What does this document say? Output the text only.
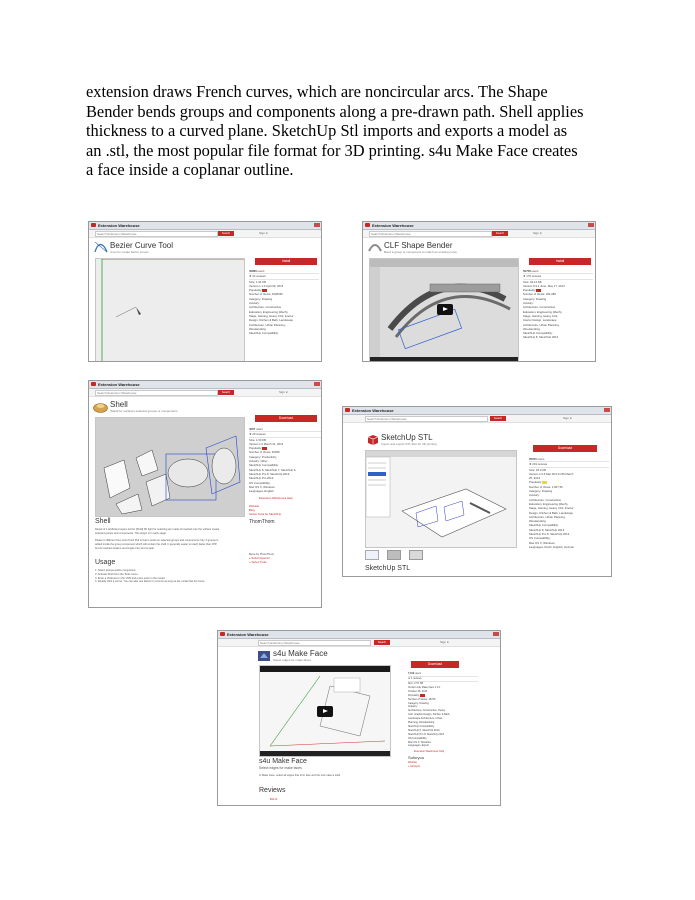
extension draws French curves, which are noncircular arcs. The Shape
Bender bends groups and components along a pre-drawn path. Shell applies
thickness to a curved plane. SketchUp Stl imports and exports a model as
an .stl, the most popular file format for 3D printing. s4u Make Face creates
a face inside a coplanar outline.

Extension Warehouse
Search Extension Warehouse	Search	Sign in
Bezier Curve Tool
A tool to create bézier curves
Install
40866 users
★ 44 reviews
Size: 1.91 KB
Version 1.1.0 April 09, 2013
Popularity
Number of Views: 1028435
Category: Drawing
Industry:
Architecture, Construction,
Education, Engineering (Mech),
Stage, Gaming, Heavy Civil, Interior
Design, Kitchen & Bath, Landscape
Architecture, Urban Planning,
Woodworking
SketchUp Compatibility:
Extension Warehouse
Search Extension Warehouse	Search	Sign in
CLF Shape Bender
Bend a group or component to match an existing curve
Install
50758 users
★ 176 reviews
Size: 94.14 KB
Version 0.9.1 June, May 17, 2013
Popularity
Number of Views: 181,080
Category: Drawing
Industry:
Architecture, Construction,
Education, Engineering (Mech),
Stage, Gaming, Heavy Civil,
Interior Design, Landscape
Architecture, Urban Planning,
Woodworking
SketchUp Compatibility:
SketchUp 8, SketchUp 2013
Extension Warehouse
Search Extension Warehouse	Search	Sign in
Shell
[Shell] for surfaces selected groups or components
Download
4067 users
★ 29 reviews
Size: 1.50 KB
Version 1.0 March 21, 2013
Popularity
Number of Views: 40356
Category: Productivity
Industry: Other
SketchUp Compatibility:
SketchUp 8, SketchUp 7, SketchUp 6,
SketchUp Pro 8, SketchUp 2013,
SketchUp Pro 2013
OS Compatibility:
Mac OS X, Windows
Languages: English
Extension Warehouse Help
Website
Blog
Vertex Tools for SketchUp
ThomThom
More by ThomThom
» Solid Inspector
» Vertex Tools
Shell
Result of 1 artificial program led for [Shell] 3D light for selecting are made of inserted onto the surface create
selected groups and components. This plugin is in early stage.
Pikaso is different from Joint Push Pull is that it works on selected groups and components only. It groups is
added inside the group component which will contain the shell. It generally easier to reach faster than JPP,
but its nowhere feature and single entry and to task.
Usage
1. Select groups and/or component.
2. Activate Shell from the Tools menu.
3. Enter a thickness in the VCB and press enter in the model.
4. Double-click a corner. You can also use Return to commit as long as the model has the focus.
Extension Warehouse
Search Extension Warehouse	Search	Sign in
SketchUp STL
Import and export STL files for 3D printing
SketchUp STL
Download
55615 users
★ 219 reviews
Size: 18.0 KB
Version 1.0.6 Mar 09 0:11:56 March
25, 2013
Popularity
Number of Views: 1,607,56
Category: Drawing
Industry:
Architecture, Construction,
Education, Engineering (Mech),
Stage, Gaming, Heavy Civil, Interior
Design, Kitchen & Bath, Landscape
Architecture, Urban Planning,
Woodworking
SketchUp Compatibility:
SketchUp 8, SketchUp 2013,
SketchUp Pro 8, SketchUp 2013
OS Compatibility:
Mac OS X, Windows
Languages: Dutch, English, German
Extension Warehouse
Search Extension Warehouse	Search	Sign in
s4u Make Face
Select edges for make faces
s4u Make Face
Select edges for make faces
In Make Face, select all edges that form face and the tool make a solid
Reviews
Bob R.
Download
7,109 users
★ 1 reviews
Size: 2.57 KB
Version s4u Make Face 1.0.1
October 26, 2013
Popularity
Number of Views: 18708
Category: Drawing
Industry:
Architecture, Construction, Heavy
Civil, Graphic Design, Kitchen & Bath,
Landscape Architecture, Urban
Planning, Woodworking
SketchUp Compatibility:
SketchUp 8, SketchUp 2013,
SketchUp Pro 8, SketchUp 2013
OS Compatibility:
Mac OS X, Windows
Languages: Export
Extension Warehouse Help
Suforyou
Website
» Suforyou
